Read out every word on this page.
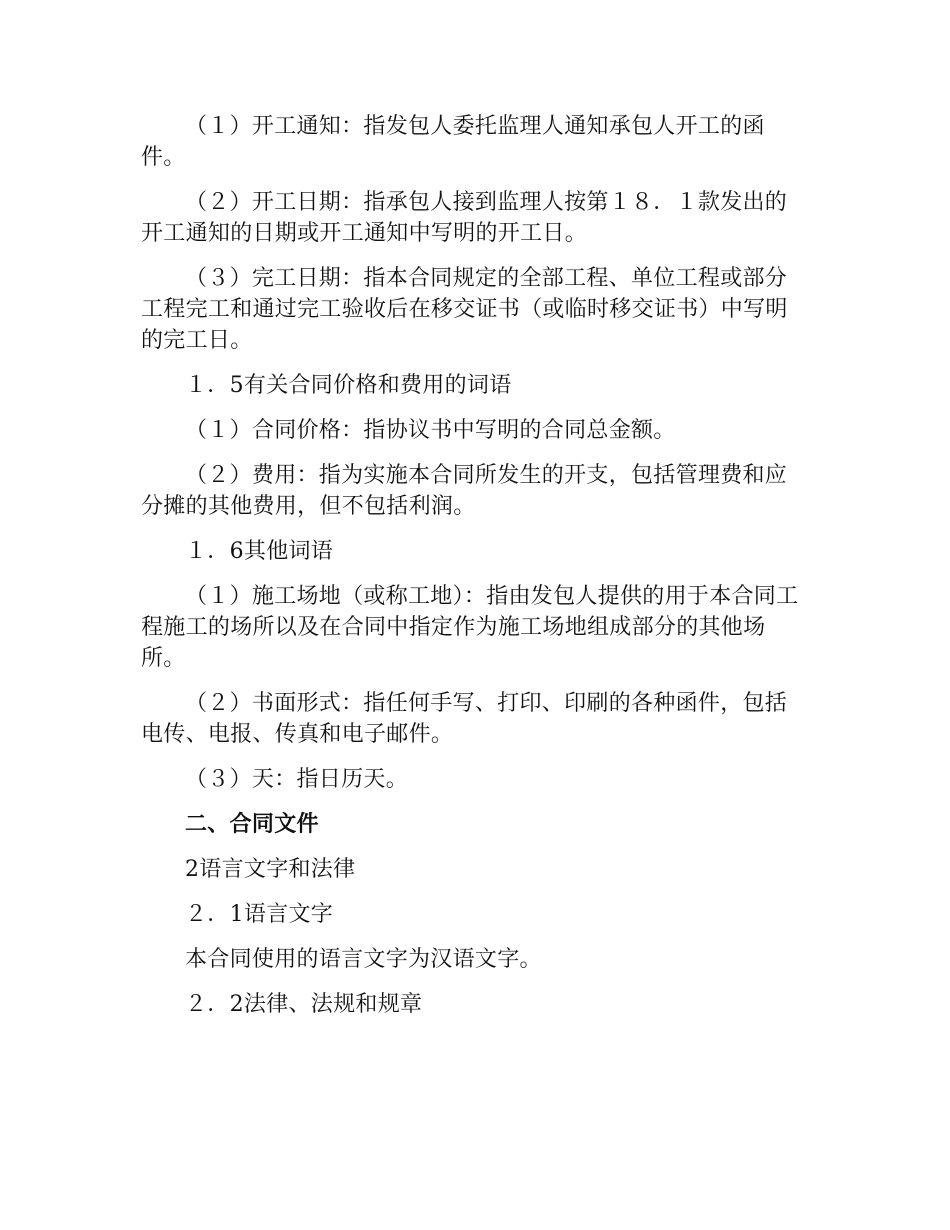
（１）开工通知：指发包人委托监理人通知承包人开工的函件。

（２）开工日期：指承包人接到监理人按第１８．１款发出的开工通知的日期或开工通知中写明的开工日。

（３）完工日期：指本合同规定的全部工程、单位工程或部分工程完工和通过完工验收后在移交证书（或临时移交证书）中写明的完工日。

１．5有关合同价格和费用的词语

（１）合同价格：指协议书中写明的合同总金额。

（２）费用：指为实施本合同所发生的开支，包括管理费和应分摊的其他费用，但不包括利润。

１．6其他词语

（１）施工场地（或称工地）：指由发包人提供的用于本合同工程施工的场所以及在合同中指定作为施工场地组成部分的其他场所。

（２）书面形式：指任何手写、打印、印刷的各种函件，包括电传、电报、传真和电子邮件。

（３）天：指日历天。

二、合同文件

2语言文字和法律

２．1语言文字

本合同使用的语言文字为汉语文字。

２．2法律、法规和规章
